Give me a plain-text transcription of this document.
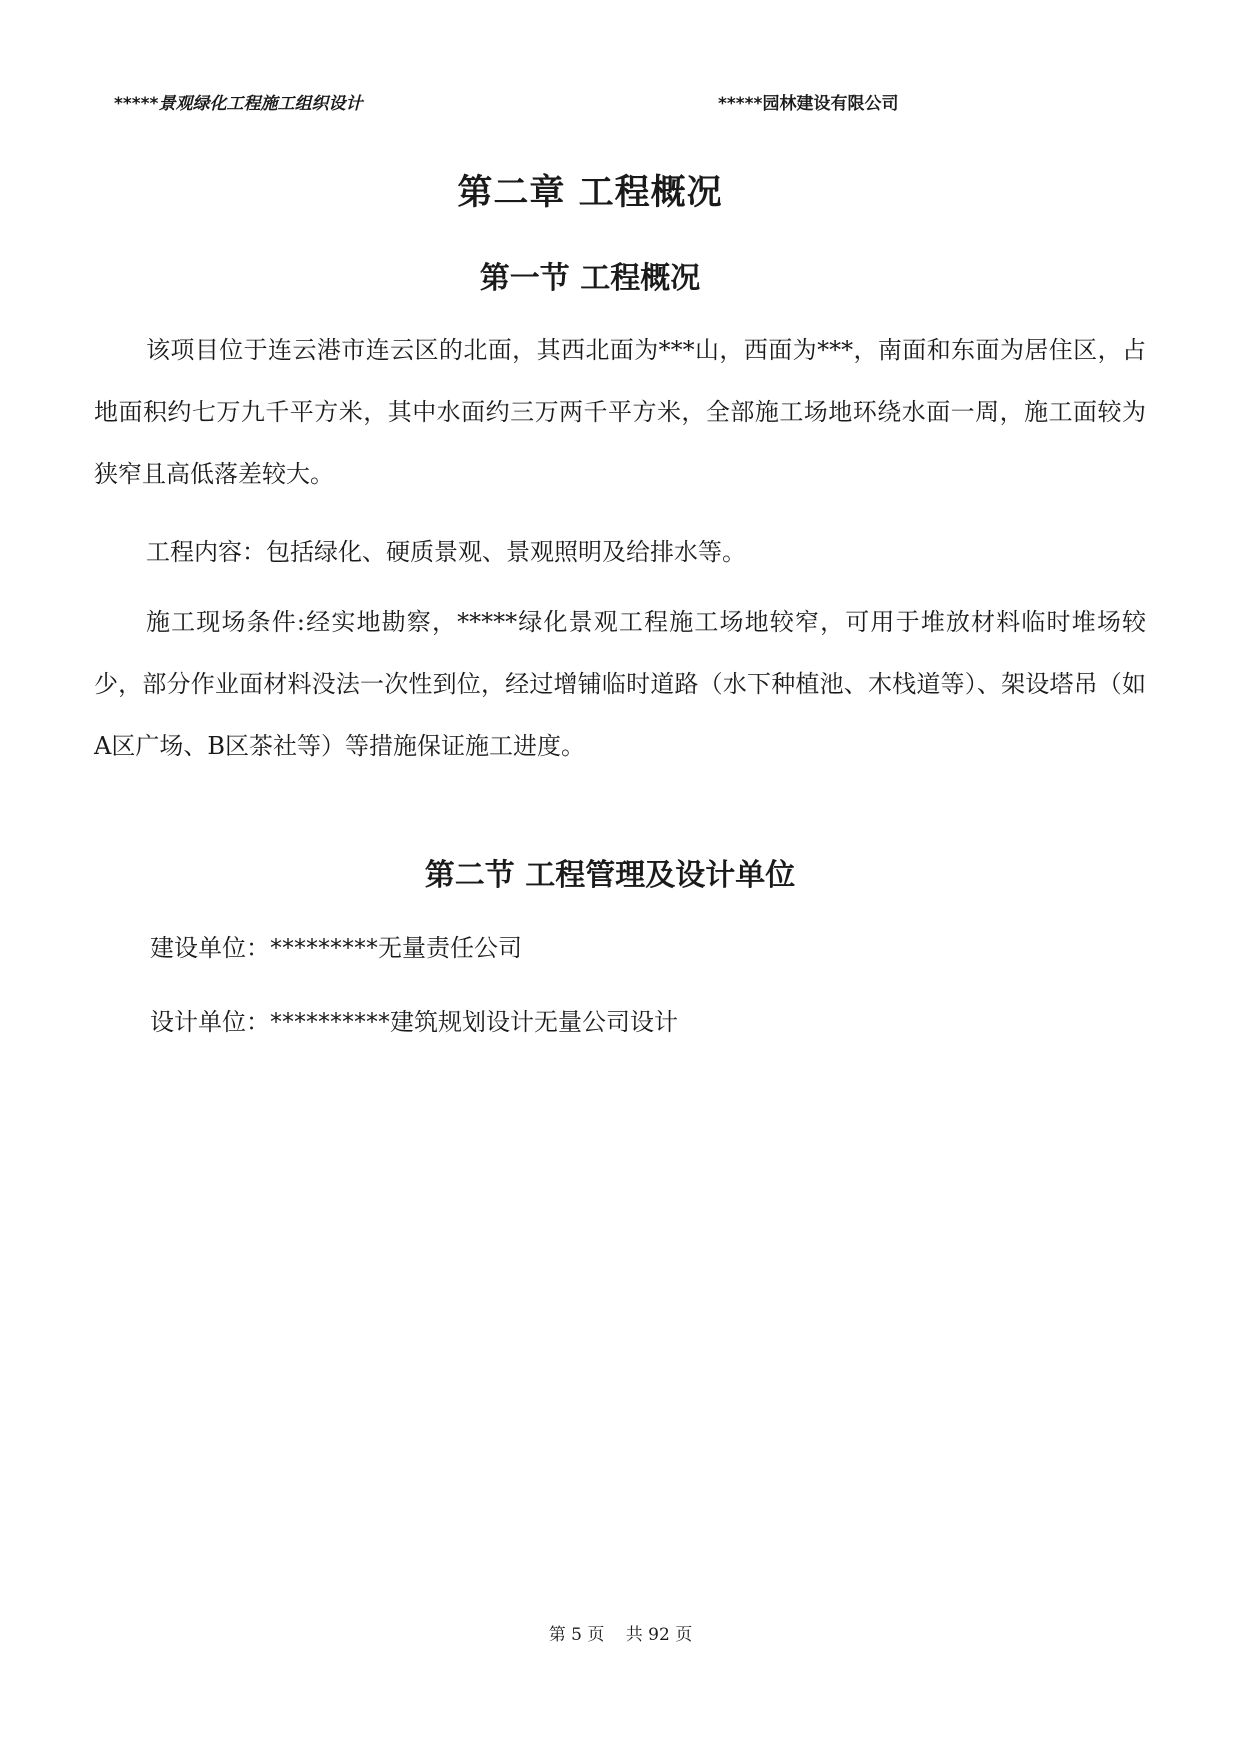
*****景观绿化工程施工组织设计	*****园林建设有限公司
第二章 工程概况
第一节 工程概况
该项目位于连云港市连云区的北面，其西北面为***山，西面为***，南面和东面为居住区，占地面积约七万九千平方米，其中水面约三万两千平方米，全部施工场地环绕水面一周，施工面较为狭窄且高低落差较大。
工程内容：包括绿化、硬质景观、景观照明及给排水等。
施工现场条件:经实地勘察，*****绿化景观工程施工场地较窄，可用于堆放材料临时堆场较少，部分作业面材料没法一次性到位，经过增铺临时道路（水下种植池、木栈道等）、架设塔吊（如A区广场、B区茶社等）等措施保证施工进度。
第二节 工程管理及设计单位
建设单位：*********无量责任公司
设计单位：**********建筑规划设计无量公司设计
第 5 页 共 92 页
